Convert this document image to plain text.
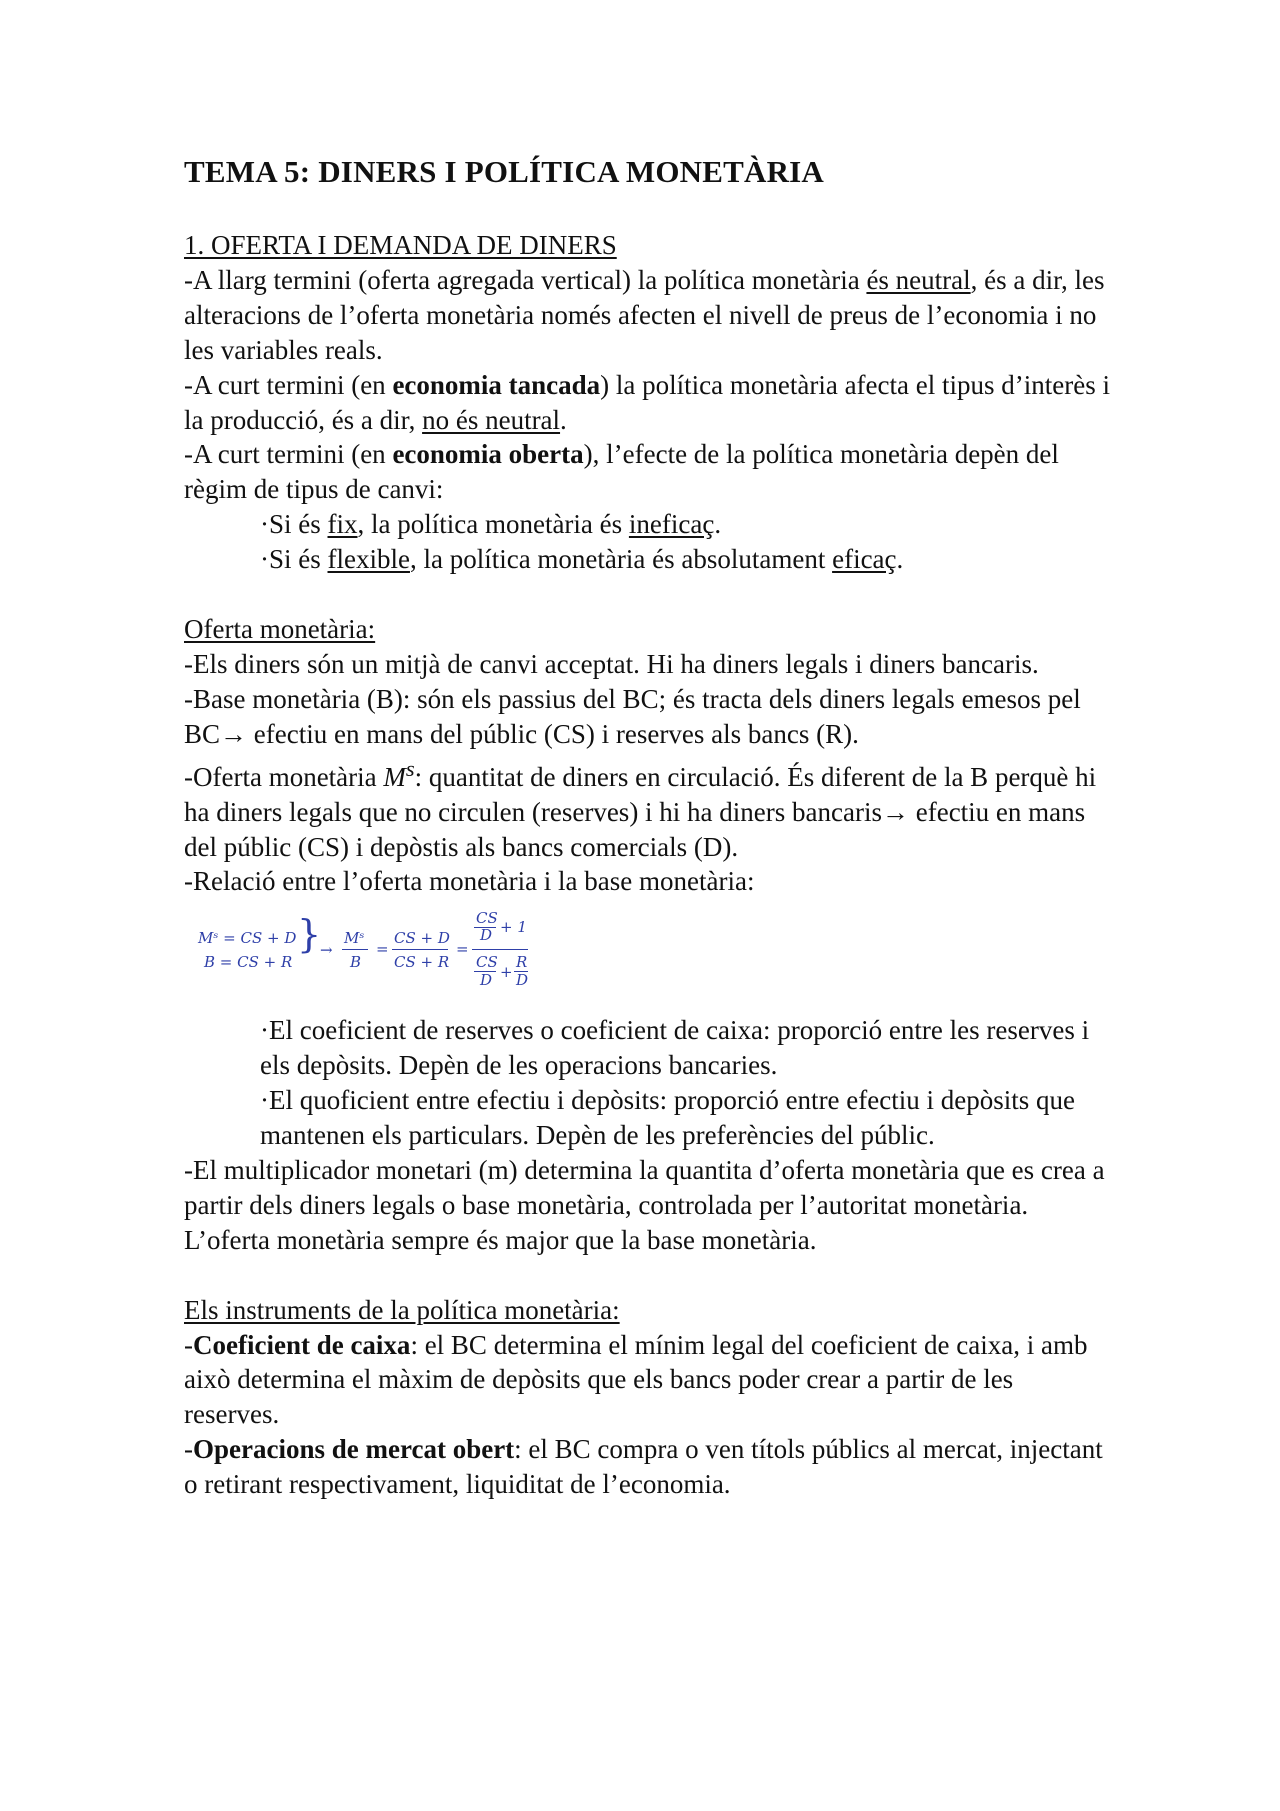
TEMA 5: DINERS I POLÍTICA MONETÀRIA

1. OFERTA I DEMANDA DE DINERS

-A llarg termini (oferta agregada vertical) la política monetària és neutral, és a dir, les alteracions de l’oferta monetària només afecten el nivell de preus de l’economia i no les variables reals.

-A curt termini (en economia tancada) la política monetària afecta el tipus d’interès i la producció, és a dir, no és neutral.

-A curt termini (en economia oberta), l’efecte de la política monetària depèn del règim de tipus de canvi:

·Si és fix, la política monetària és ineficaç.

·Si és flexible, la política monetària és absolutament eficaç.

Oferta monetària:

-Els diners són un mitjà de canvi acceptat. Hi ha diners legals i diners bancaris.

-Base monetària (B): són els passius del BC; és tracta dels diners legals emesos pel BC→ efectiu en mans del públic (CS) i reserves als bancs (R).

-Oferta monetària $M^s$: quantitat de diners en circulació. És diferent de la B perquè hi ha diners legals que no circulen (reserves) i hi ha diners bancaris→ efectiu en mans del públic (CS) i depòstis als bancs comercials (D).

-Relació entre l’oferta monetària i la base monetària:

Mˢ = CS + D
B = CS + R
}
→
Mˢ
B
=
CS + D
CS + R
=
CS
D + 1
CS
D +
R
D

·El coeficient de reserves o coeficient de caixa: proporció entre les reserves i els depòsits. Depèn de les operacions bancaries.

·El quoficient entre efectiu i depòsits: proporció entre efectiu i depòsits que mantenen els particulars. Depèn de les preferències del públic.

-El multiplicador monetari (m) determina la quantita d’oferta monetària que es crea a partir dels diners legals o base monetària, controlada per l’autoritat monetària. L’oferta monetària sempre és major que la base monetària.

Els instruments de la política monetària:

-Coeficient de caixa: el BC determina el mínim legal del coeficient de caixa, i amb això determina el màxim de depòsits que els bancs poder crear a partir de les reserves.

-Operacions de mercat obert: el BC compra o ven títols públics al mercat, injectant o retirant respectivament, liquiditat de l’economia.
